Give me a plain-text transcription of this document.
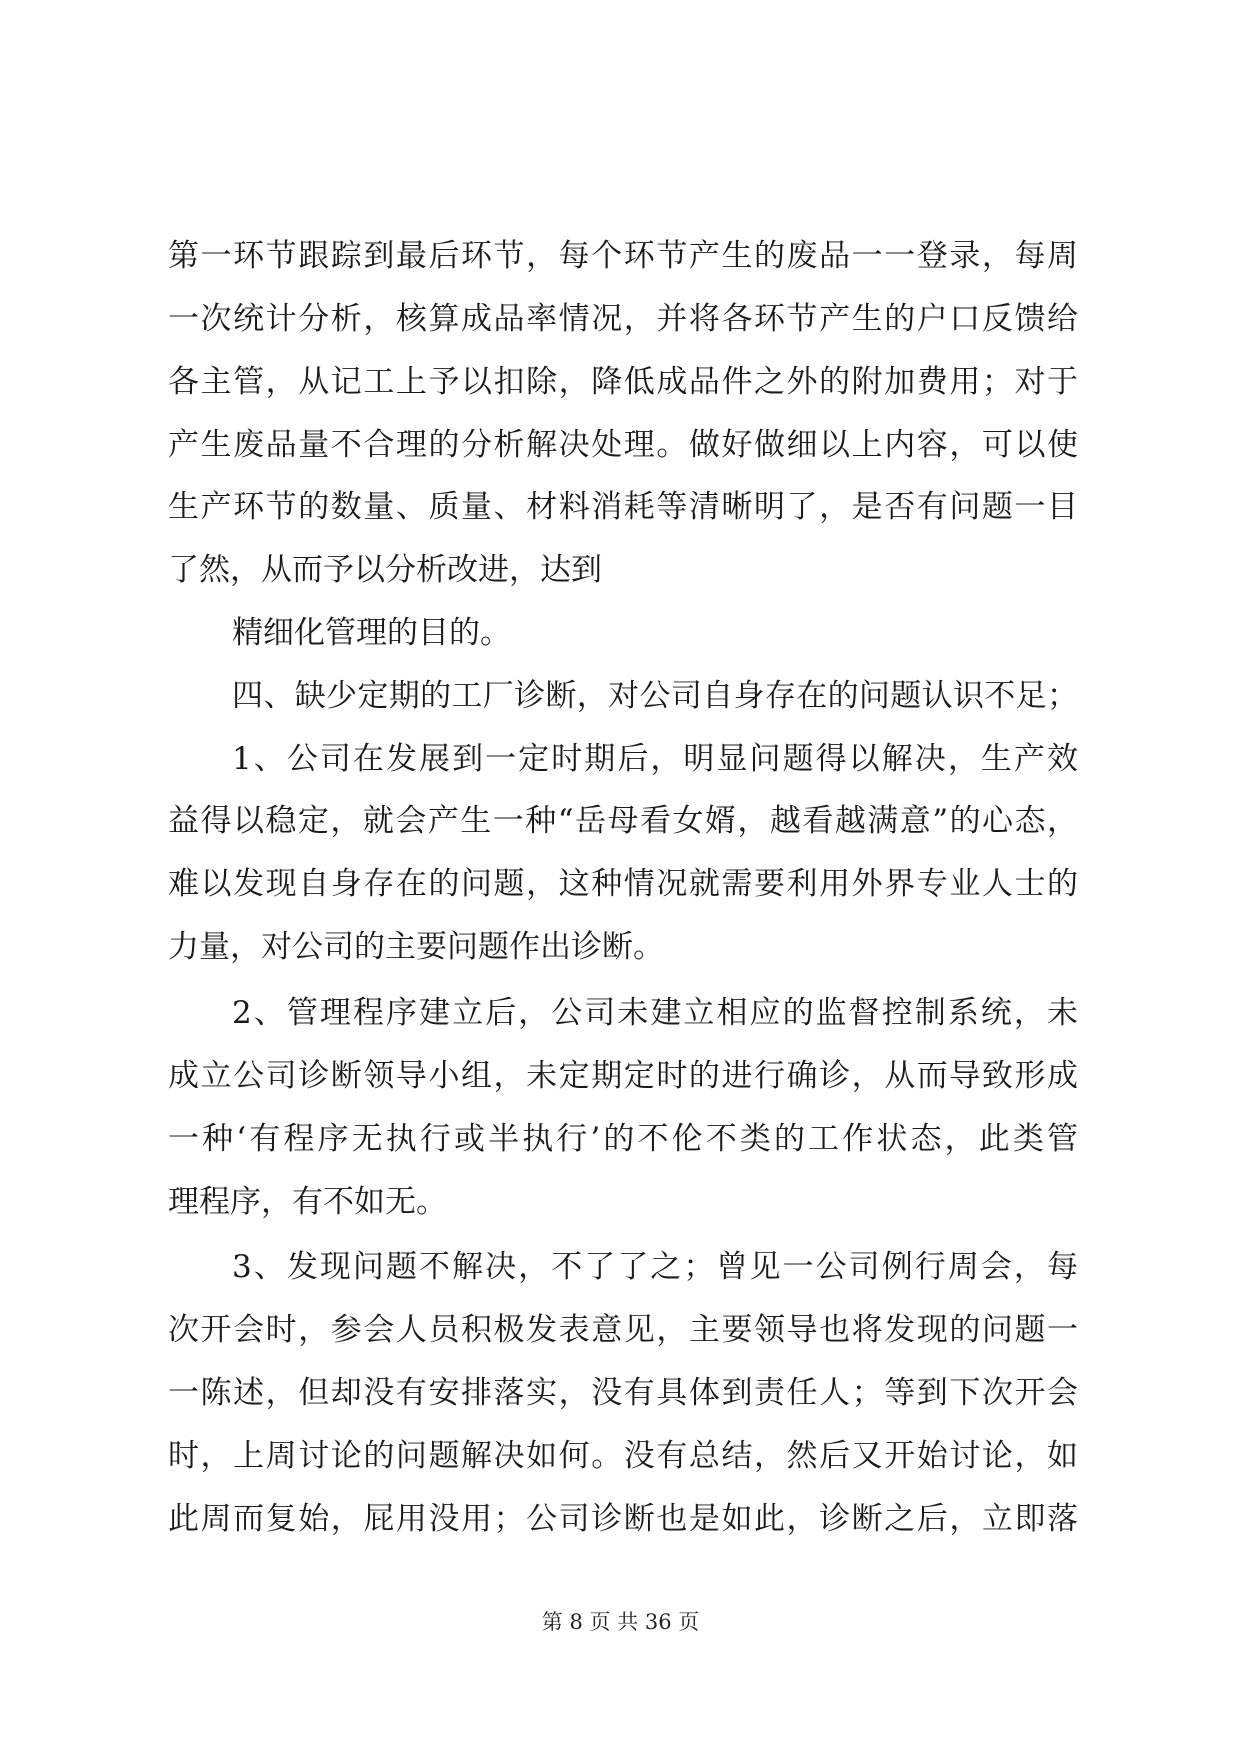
第一环节跟踪到最后环节，每个环节产生的废品一一登录，每周
一次统计分析，核算成品率情况，并将各环节产生的户口反馈给
各主管，从记工上予以扣除，降低成品件之外的附加费用；对于
产生废品量不合理的分析解决处理。做好做细以上内容，可以使
生产环节的数量、质量、材料消耗等清晰明了，是否有问题一目
了然，从而予以分析改进，达到
精细化管理的目的。
四、缺少定期的工厂诊断，对公司自身存在的问题认识不足；
1、公司在发展到一定时期后，明显问题得以解决，生产效
益得以稳定，就会产生一种“岳母看女婿，越看越满意”的心态，
难以发现自身存在的问题，这种情况就需要利用外界专业人士的
力量，对公司的主要问题作出诊断。
2、管理程序建立后，公司未建立相应的监督控制系统，未
成立公司诊断领导小组，未定期定时的进行确诊，从而导致形成
一种‘有程序无执行或半执行’的不伦不类的工作状态，此类管
理程序，有不如无。
3、发现问题不解决，不了了之；曾见一公司例行周会，每
次开会时，参会人员积极发表意见，主要领导也将发现的问题一
一陈述，但却没有安排落实，没有具体到责任人；等到下次开会
时，上周讨论的问题解决如何。没有总结，然后又开始讨论，如
此周而复始，屁用没用；公司诊断也是如此，诊断之后，立即落
第 8 页 共 36 页
